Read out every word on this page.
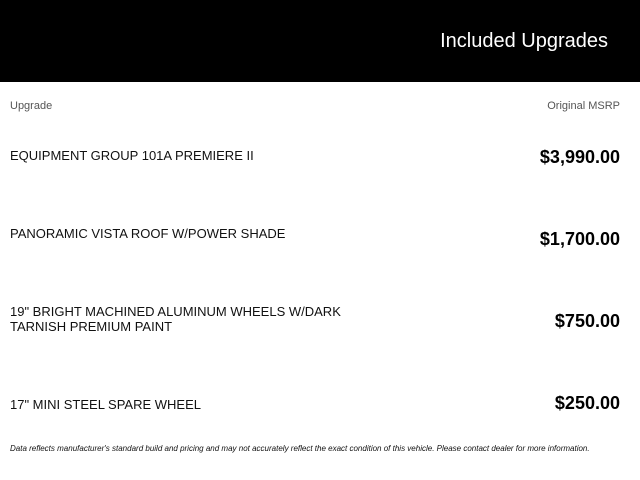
Included Upgrades
Upgrade	Original MSRP
EQUIPMENT GROUP 101A PREMIERE II	$3,990.00
PANORAMIC VISTA ROOF W/POWER SHADE	$1,700.00
19" BRIGHT MACHINED ALUMINUM WHEELS W/DARK TARNISH PREMIUM PAINT	$750.00
17" MINI STEEL SPARE WHEEL	$250.00
Data reflects manufacturer's standard build and pricing and may not accurately reflect the exact condition of this vehicle. Please contact dealer for more information.
